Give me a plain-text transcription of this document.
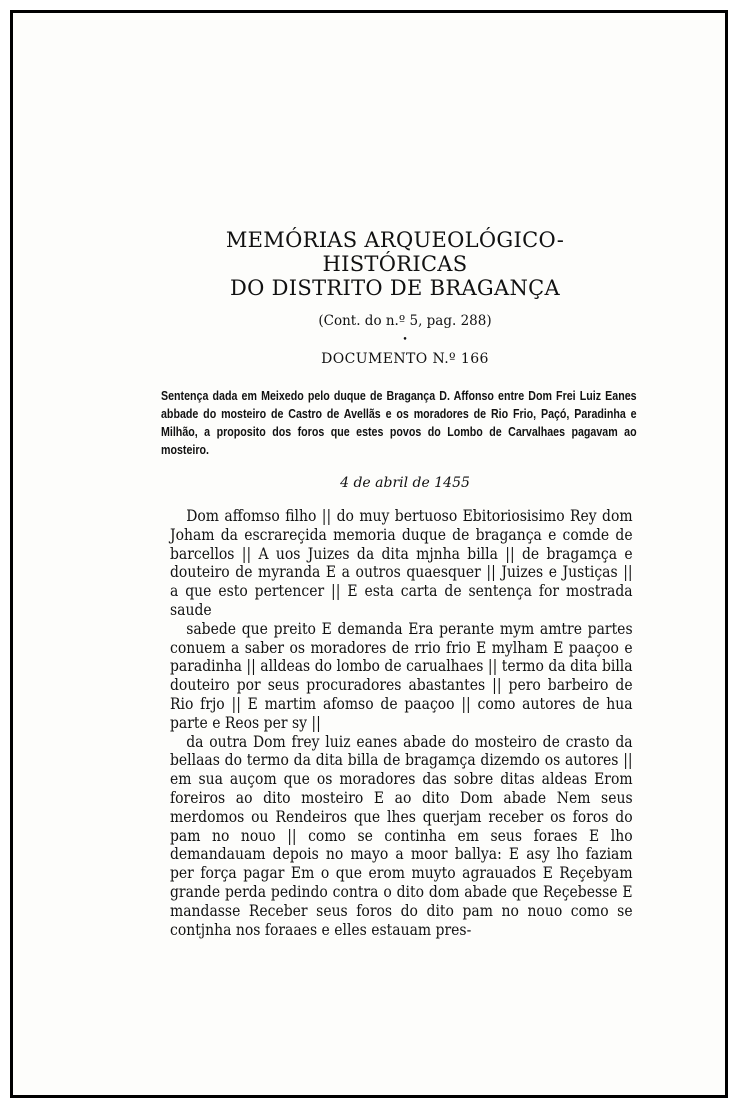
MEMÓRIAS ARQUEOLÓGICO-HISTÓRICAS
DO DISTRITO DE BRAGANÇA
(Cont. do n.º 5, pag. 288)
•
DOCUMENTO N.º 166
Sentença dada em Meixedo pelo duque de Bragança D. Affonso entre Dom Frei Luiz Eanes abbade do mosteiro de Castro de Avellãs e os moradores de Rio Frio, Paçó, Paradinha e Milhão, a proposito dos foros que estes povos do Lombo de Carvalhaes pagavam ao mosteiro.
4 de abril de 1455

Dom affomso filho || do muy bertuoso Ebitoriosisimo Rey dom Joham da escrareçida memoria duque de bragança e comde de barcellos || A uos Juizes da dita mjnha billa || de bragamça e douteiro de myranda E a outros quaesquer || Juizes e Justiças || a que esto pertencer || E esta carta de sentença for mostrada saude

sabede que preito E demanda Era perante mym amtre partes conuem a saber os moradores de rrio frio E mylham E paaçoo e paradinha || alldeas do lombo de carualhaes || termo da dita billa douteiro por seus procuradores abastantes || pero barbeiro de Rio frjo || E martim afomso de paaçoo || como autores de hua parte e Reos per sy ||

da outra Dom frey luiz eanes abade do mosteiro de crasto da bellaas do termo da dita billa de bragamça dizemdo os autores || em sua auçom que os moradores das sobre ditas aldeas Erom foreiros ao dito mosteiro E ao dito Dom abade Nem seus merdomos ou Rendeiros que lhes querjam receber os foros do pam no nouo || como se continha em seus foraes E lho demandauam depois no mayo a moor ballya: E asy lho faziam per força pagar Em o que erom muyto agrauados E Reçebyam grande perda pedindo contra o dito dom abade que Reçebesse E mandasse Receber seus foros do dito pam no nouo como se contjnha nos foraaes e elles estauam pres-
